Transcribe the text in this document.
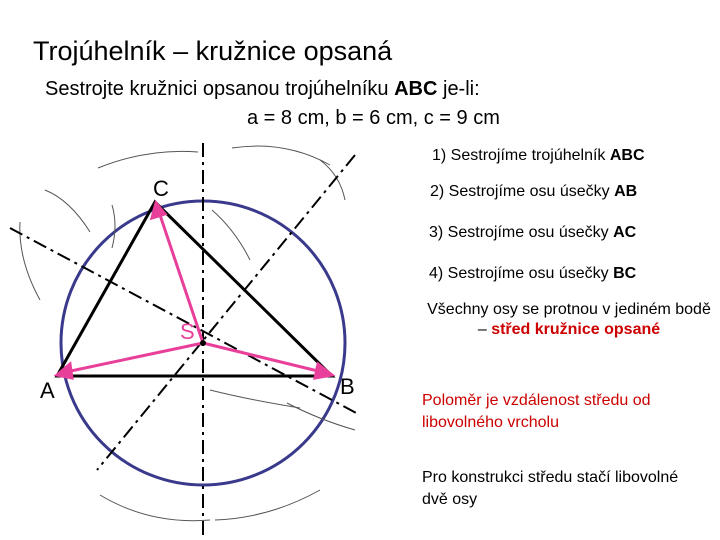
Trojúhelník – kružnice opsaná
Sestrojte kružnici opsanou trojúhelníku ABC je-li:
a = 8 cm, b = 6 cm, c = 9 cm
A	B
C
S
1) Sestrojíme trojúhelník ABC
2) Sestrojíme osu úsečky AB
3) Sestrojíme osu úsečky AC
4) Sestrojíme osu úsečky BC
Všechny osy se protnou v jediném bodě – střed kružnice opsané
Poloměr je vzdálenost středu od libovolného vrcholu
Pro konstrukci středu stačí libovolné dvě osy
